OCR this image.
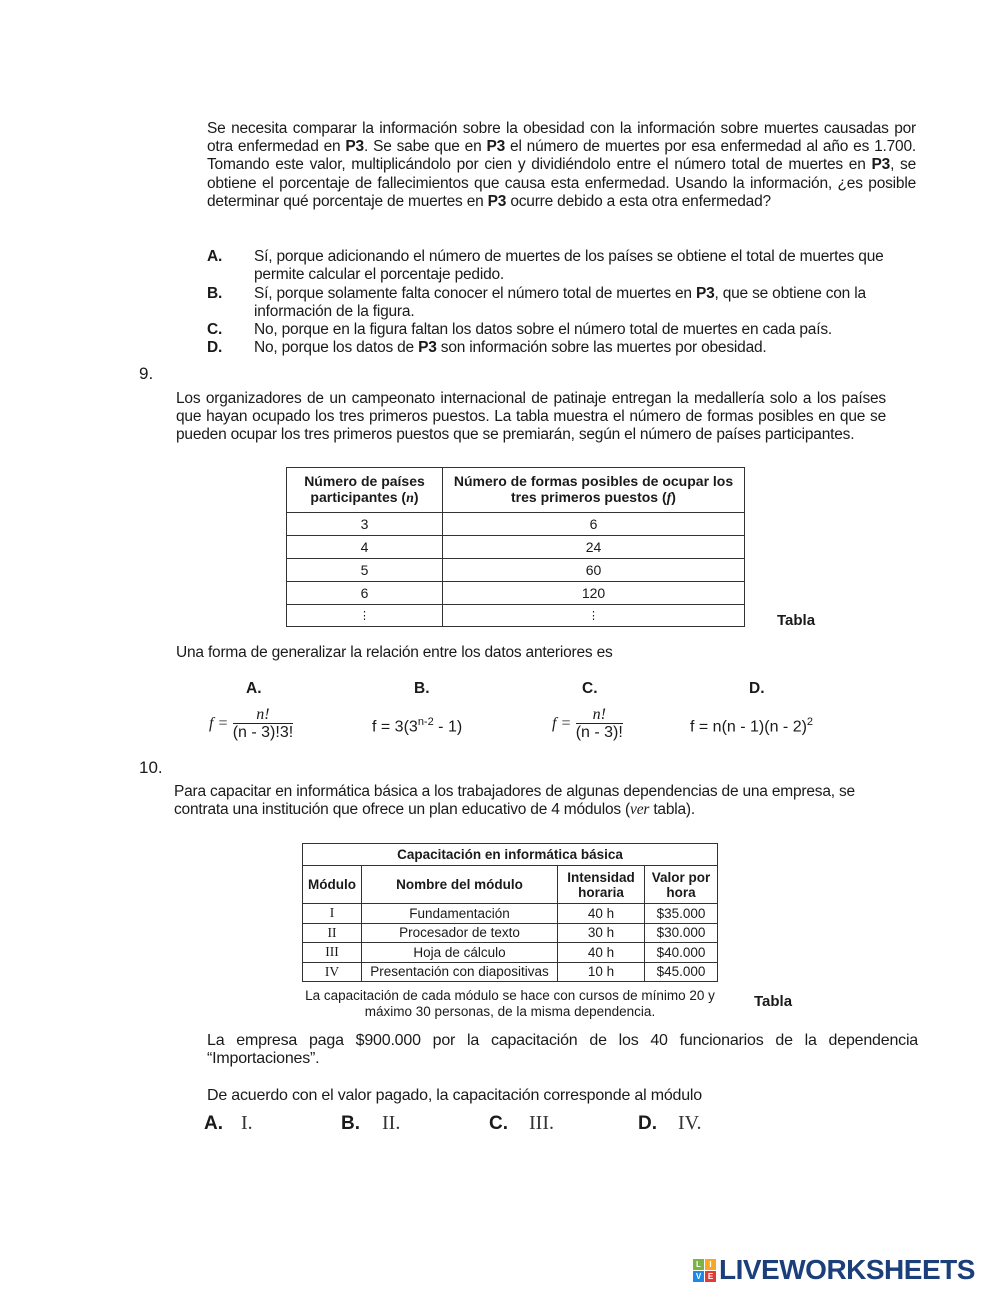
Se necesita comparar la información sobre la obesidad con la información sobre muertes causadas por otra enfermedad en P3. Se sabe que en P3 el número de muertes por esa enfermedad al año es 1.700. Tomando este valor, multiplicándolo por cien y dividiéndolo entre el número total de muertes en P3, se obtiene el porcentaje de fallecimientos que causa esta enfermedad. Usando la información, ¿es posible determinar qué porcentaje de muertes en P3 ocurre debido a esta otra enfermedad?
A. Sí, porque adicionando el número de muertes de los países se obtiene el total de muertes que permite calcular el porcentaje pedido.
B. Sí, porque solamente falta conocer el número total de muertes en P3, que se obtiene con la información de la figura.
C. No, porque en la figura faltan los datos sobre el número total de muertes en cada país.
D. No, porque los datos de P3 son información sobre las muertes por obesidad.
9.
Los organizadores de un campeonato internacional de patinaje entregan la medallería solo a los países que hayan ocupado los tres primeros puestos. La tabla muestra el número de formas posibles en que se pueden ocupar los tres primeros puestos que se premiarán, según el número de países participantes.
Número de países participantes (n)	Número de formas posibles de ocupar los tres primeros puestos (f)
3	6
4	24
5	60
6	120
⋮	⋮	Tabla
Una forma de generalizar la relación entre los datos anteriores es
A.	B.	C.	D.
$f = \frac{n!}{(n - 3)!3!}$	$f = 3(3^{n-2} - 1)$	$f = \frac{n!}{(n - 3)!}$	f = n(n - 1)(n - 2)$^2$
10.
Para capacitar en informática básica a los trabajadores de algunas dependencias de una empresa, se contrata una institución que ofrece un plan educativo de 4 módulos (ver tabla).
Capacitación en informática básica			
Módulo	Nombre del módulo	Intensidad horaria	Valor por hora
I	Fundamentación	40 h	$35.000
II	Procesador de texto	30 h	$30.000
III	Hoja de cálculo	40 h	$40.000
IV	Presentación con diapositivas	10 h	$45.000
La capacitación de cada módulo se hace con cursos de mínimo 20 y máximo 30 personas, de la misma dependencia.
Tabla
La empresa paga $900.000 por la capacitación de los 40 funcionarios de la dependencia “Importaciones”.
De acuerdo con el valor pagado, la capacitación corresponde al módulo
A. I.	B. II.	C. III.	D. IV.
L	I
V E LIVEWORKSHEETS
